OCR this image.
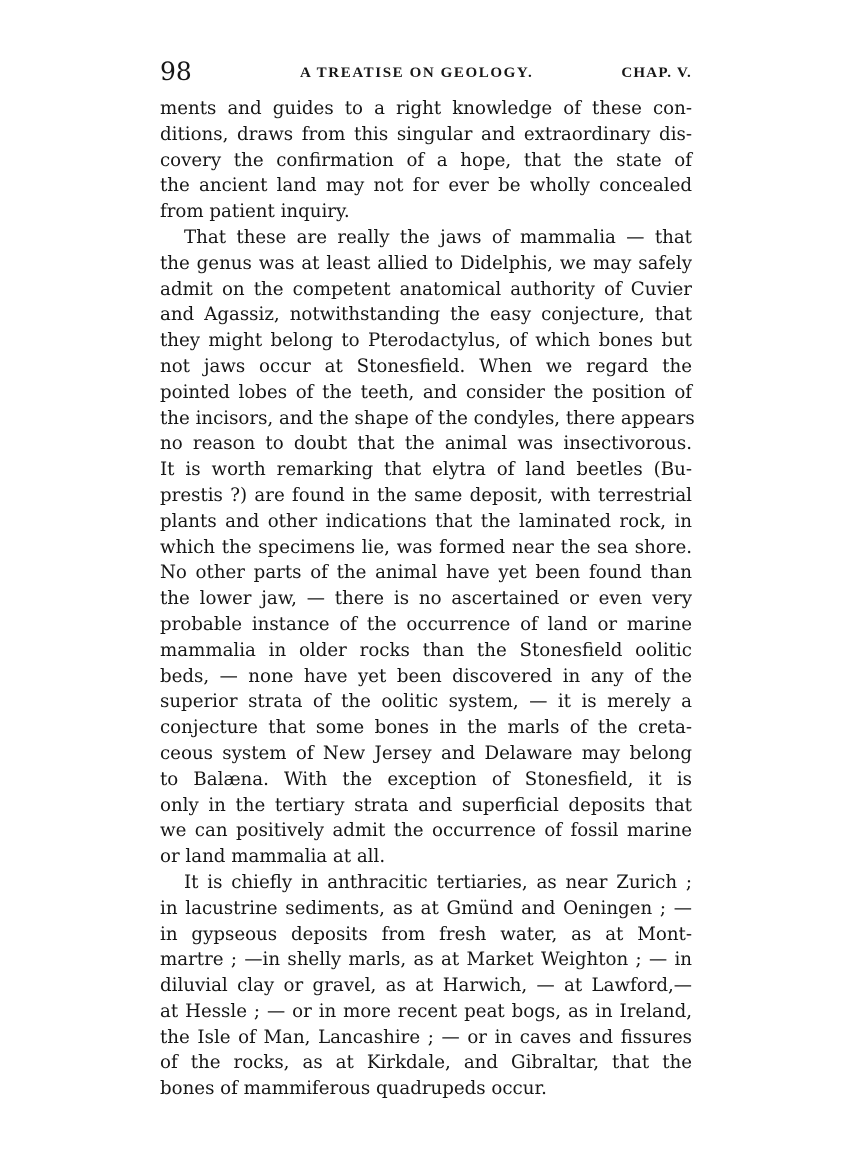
98	A TREATISE ON GEOLOGY.	CHAP. V.
ments and guides to a right knowledge of these con-
ditions, draws from this singular and extraordinary dis-
covery the confirmation of a hope, that the state of
the ancient land may not for ever be wholly concealed
from patient inquiry.
That these are really the jaws of mammalia — that
the genus was at least allied to Didelphis, we may safely
admit on the competent anatomical authority of Cuvier
and Agassiz, notwithstanding the easy conjecture, that
they might belong to Pterodactylus, of which bones but
not jaws occur at Stonesfield. When we regard the
pointed lobes of the teeth, and consider the position of
the incisors, and the shape of the condyles, there appears
no reason to doubt that the animal was insectivorous.
It is worth remarking that elytra of land beetles (Bu-
prestis ?) are found in the same deposit, with terrestrial
plants and other indications that the laminated rock, in
which the specimens lie, was formed near the sea shore.
No other parts of the animal have yet been found than
the lower jaw, — there is no ascertained or even very
probable instance of the occurrence of land or marine
mammalia in older rocks than the Stonesfield oolitic
beds, — none have yet been discovered in any of the
superior strata of the oolitic system, — it is merely a
conjecture that some bones in the marls of the creta-
ceous system of New Jersey and Delaware may belong
to Balæna. With the exception of Stonesfield, it is
only in the tertiary strata and superficial deposits that
we can positively admit the occurrence of fossil marine
or land mammalia at all.
It is chiefly in anthracitic tertiaries, as near Zurich ;
in lacustrine sediments, as at Gmünd and Oeningen ; —
in gypseous deposits from fresh water, as at Mont-
martre ; —in shelly marls, as at Market Weighton ; — in
diluvial clay or gravel, as at Harwich, — at Lawford,—
at Hessle ; — or in more recent peat bogs, as in Ireland,
the Isle of Man, Lancashire ; — or in caves and fissures
of the rocks, as at Kirkdale, and Gibraltar, that the
bones of mammiferous quadrupeds occur.
